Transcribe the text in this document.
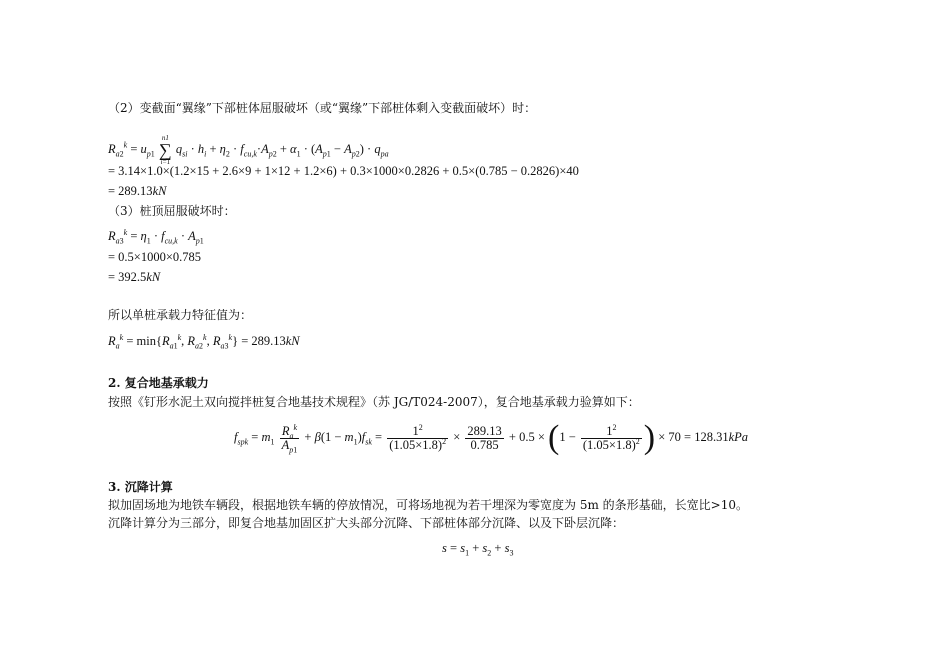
（2）变截面“翼缘”下部桩体屈服破坏（或“翼缘”下部桩体剩入变截面破坏）时：
$R_{a2}^k = u_{p1}$
n1
∑
i=1
$q_{si} \cdot h_i + \eta_2 \cdot f_{cu,k}\cdot A_{p2} + \alpha_1 \cdot (A_{p1} - A_{p2}) \cdot q_{pa}$
= 3.14×1.0×(1.2×15 + 2.6×9 + 1×12 + 1.2×6) + 0.3×1000×0.2826 + 0.5×(0.785 − 0.2826)×40
= 289.13kN
（3）桩顶屈服破坏时：
$R_{a3}^k = \eta_1 \cdot f_{cu,k} \cdot A_{p1}$
= 0.5×1000×0.785
= 392.5kN
所以单桩承载力特征值为：
$R_a^k = \min\{R_{a1}^k$, $R_{a2}^k$, $R_{a3}^k\} = 289.13kN$
2. 复合地基承载力
按照《钉形水泥土双向搅拌桩复合地基技术规程》（苏 JG/T024-2007），复合地基承载力验算如下：
$f_{spk} = m_1 \frac{R_a^k}{A_{p1}} + \beta(1 - m_1)f_{sk} = \frac{1^2}{(1.05\times 1.8)^2} \times \frac{289.13}{0.785} + 0.5 \times (1 - \frac{1^2}{(1.05\times 1.8)^2}$ ) × 70 = 128.31kPa
3. 沉降计算
拟加固场地为地铁车辆段，根据地铁车辆的停放情况，可将场地视为若干埋深为零宽度为 5m 的条形基础，长宽比>10。
沉降计算分为三部分，即复合地基加固区扩大头部分沉降、下部桩体部分沉降、以及下卧层沉降：
$s = s_1 + s_2 + s_3$
